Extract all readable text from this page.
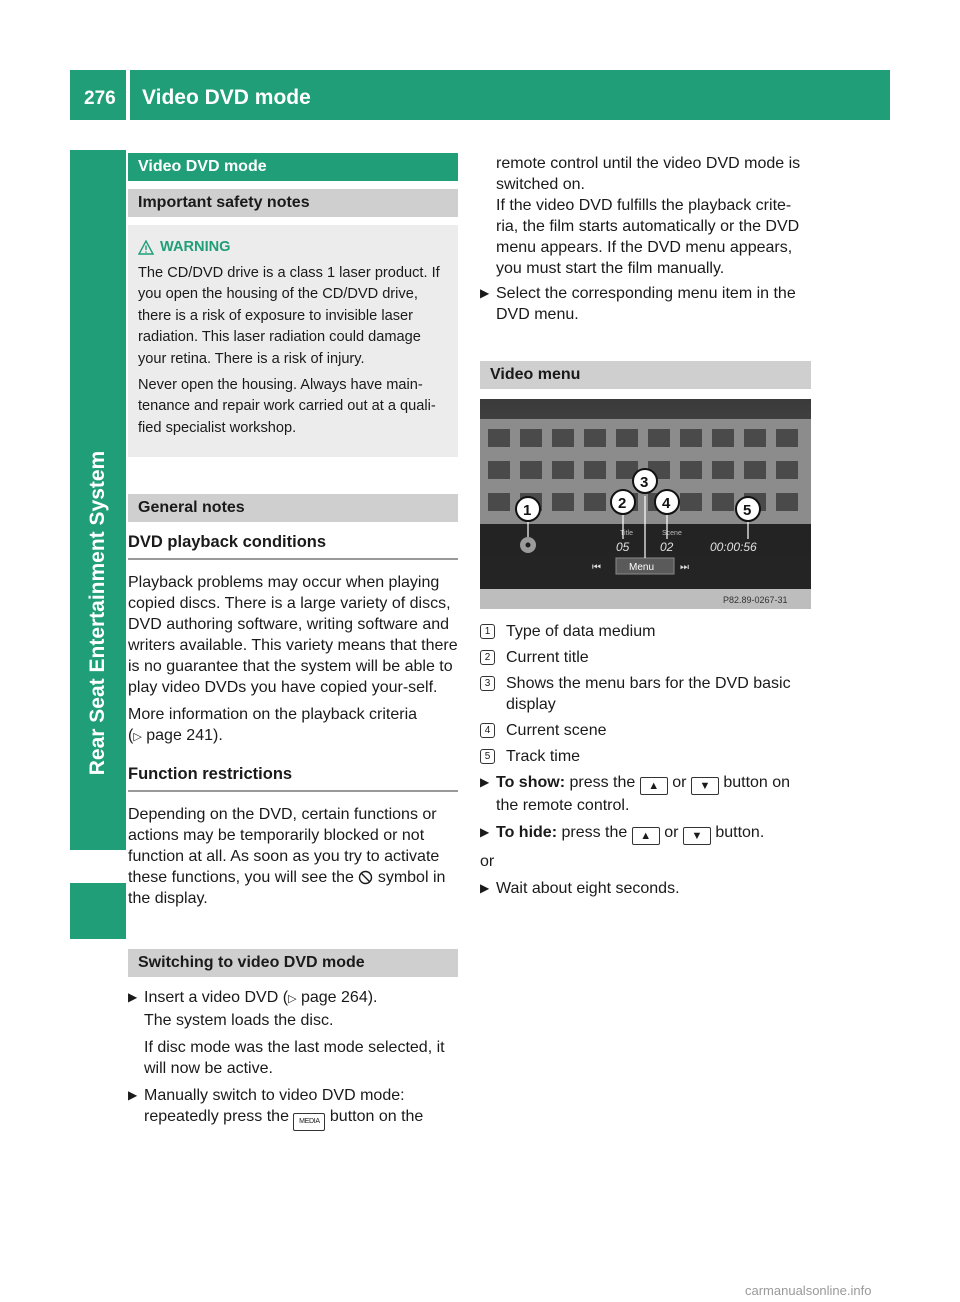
276 Video DVD mode
Rear Seat Entertainment System
Video DVD mode
Important safety notes
WARNING

The CD/DVD drive is a class 1 laser product. If you open the housing of the CD/DVD drive, there is a risk of exposure to invisible laser radiation. This laser radiation could damage your retina. There is a risk of injury.

Never open the housing. Always have main-tenance and repair work carried out at a quali-fied specialist workshop.

General notes
DVD playback conditions

Playback problems may occur when playing copied discs. There is a large variety of discs, DVD authoring software, writing software and writers available. This variety means that there is no guarantee that the system will be able to play video DVDs you have copied your-self.

More information on the playback criteria
(▷ page 241).

Function restrictions

Depending on the DVD, certain functions or actions may be temporarily blocked or not function at all. As soon as you try to activate these functions, you will see the symbol in the display.

Switching to video DVD mode
▶ Insert a video DVD (▷ page 264).
The system loads the disc.
If disc mode was the last mode selected, it will now be active.
▶ Manually switch to video DVD mode:
repeatedly press the MEDIA button on the
remote control until the video DVD mode is switched on.
If the video DVD fulfills the playback crite-ria, the film starts automatically or the DVD menu appears. If the DVD menu appears, you must start the film manually.
▶ Select the corresponding menu item in the DVD menu.
Video menu
Title	Scene
05	02	00:00:56
Menu
⏮	⏭
1	2
3
4	5
P82.89-0267-31
1 Type of data medium
2 Current title
3 Shows the menu bars for the DVD basic display
4 Current scene
5 Track time
▶ To show: press the ▲ or ▼ button on the remote control.
▶ To hide: press the ▲ or ▼ button.
or
▶ Wait about eight seconds.
carmanualsonline.info
